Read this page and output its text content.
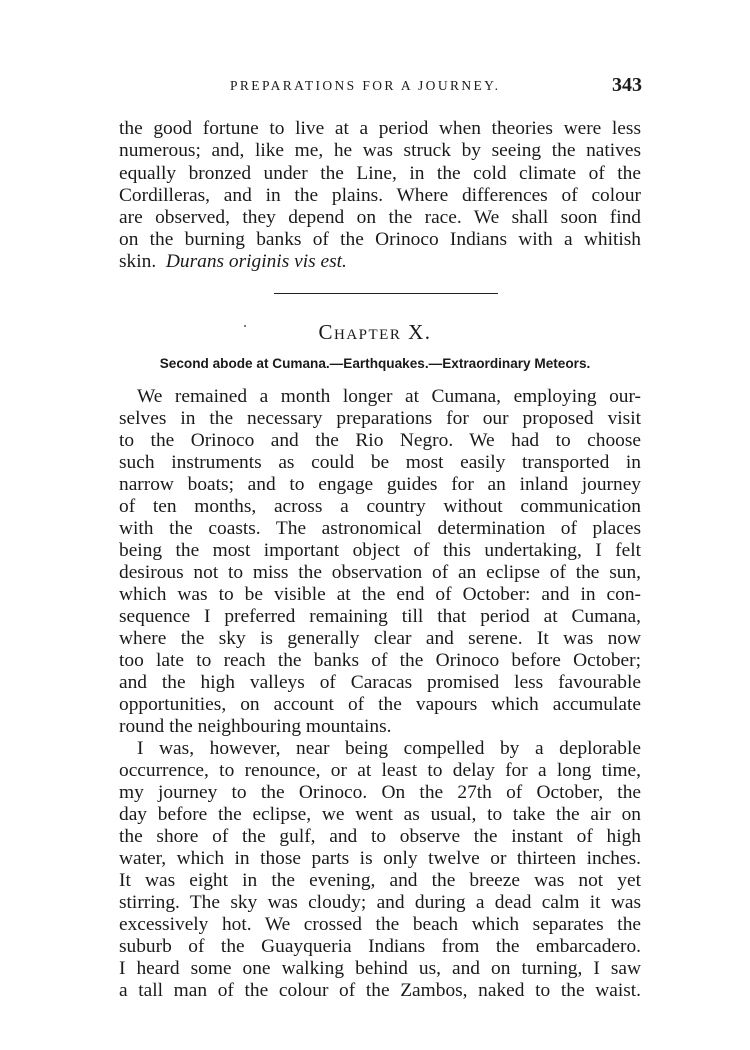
PREPARATIONS FOR A JOURNEY.	343
the good fortune to live at a period when theories were less
numerous; and, like me, he was struck by seeing the natives
equally bronzed under the Line, in the cold climate of the
Cordilleras, and in the plains. Where differences of colour
are observed, they depend on the race. We shall soon find
on the burning banks of the Orinoco Indians with a whitish
skin. Durans originis vis est.
Chapter X.
Second abode at Cumana.—Earthquakes.—Extraordinary Meteors.
We remained a month longer at Cumana, employing our-
selves in the necessary preparations for our proposed visit
to the Orinoco and the Rio Negro. We had to choose
such instruments as could be most easily transported in
narrow boats; and to engage guides for an inland journey
of ten months, across a country without communication
with the coasts. The astronomical determination of places
being the most important object of this undertaking, I felt
desirous not to miss the observation of an eclipse of the sun,
which was to be visible at the end of October: and in con-
sequence I preferred remaining till that period at Cumana,
where the sky is generally clear and serene. It was now
too late to reach the banks of the Orinoco before October;
and the high valleys of Caracas promised less favourable
opportunities, on account of the vapours which accumulate
round the neighbouring mountains.
I was, however, near being compelled by a deplorable
occurrence, to renounce, or at least to delay for a long time,
my journey to the Orinoco. On the 27th of October, the
day before the eclipse, we went as usual, to take the air on
the shore of the gulf, and to observe the instant of high
water, which in those parts is only twelve or thirteen inches.
It was eight in the evening, and the breeze was not yet
stirring. The sky was cloudy; and during a dead calm it was
excessively hot. We crossed the beach which separates the
suburb of the Guayqueria Indians from the embarcadero.
I heard some one walking behind us, and on turning, I saw
a tall man of the colour of the Zambos, naked to the waist.
